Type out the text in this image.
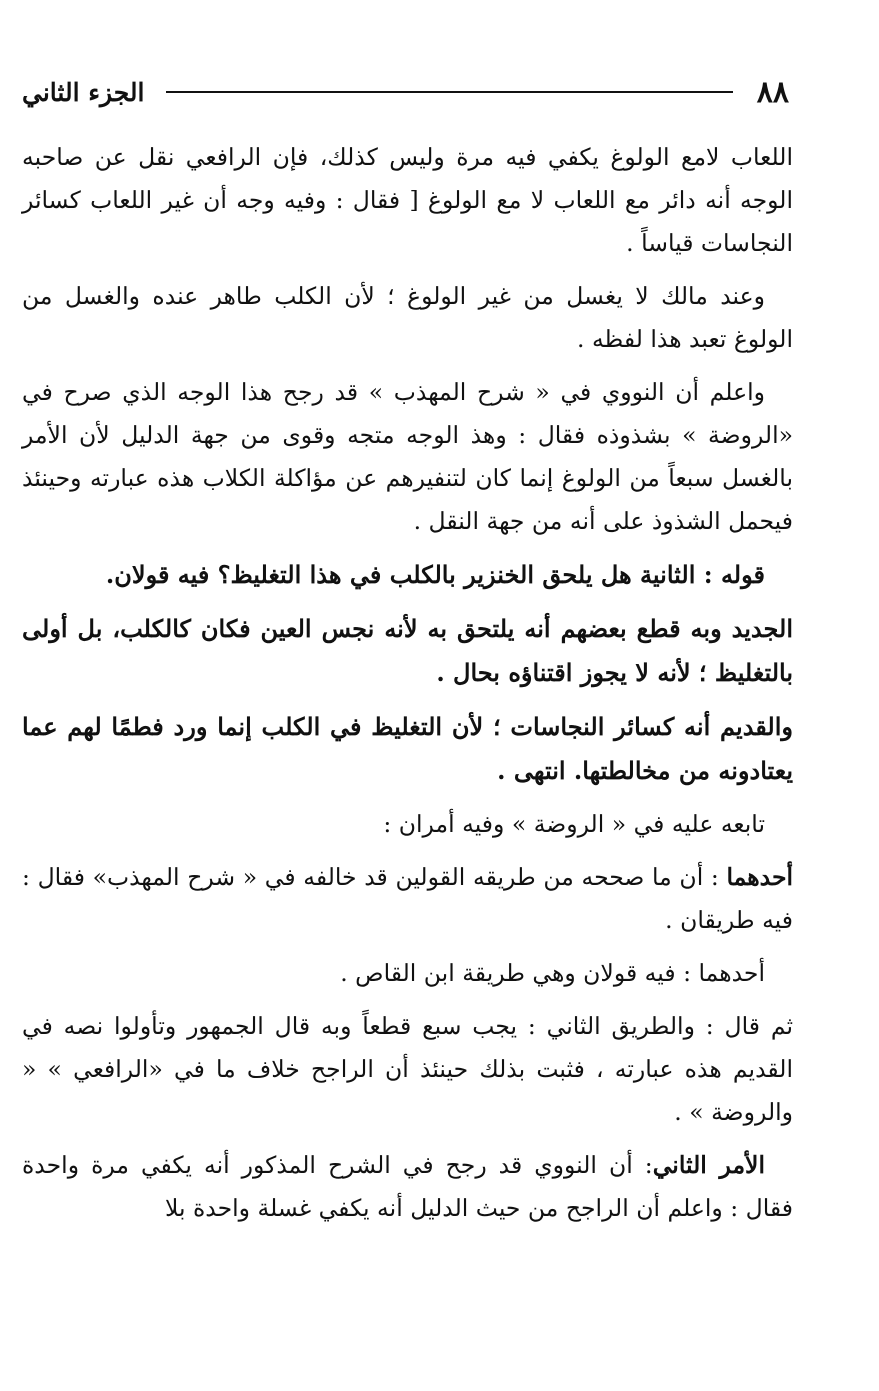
٨٨
الجزء الثاني

اللعاب لامع الولوغ يكفي فيه مرة وليس كذلك، فإن الرافعي نقل عن صاحبه الوجه أنه دائر مع اللعاب لا مع الولوغ [ فقال : وفيه وجه أن غير اللعاب كسائر النجاسات قياساً .

وعند مالك لا يغسل من غير الولوغ ؛ لأن الكلب طاهر عنده والغسل من الولوغ تعبد هذا لفظه .

واعلم أن النووي في « شرح المهذب » قد رجح هذا الوجه الذي صرح في «الروضة » بشذوذه فقال : وهذ الوجه متجه وقوى من جهة الدليل لأن الأمر بالغسل سبعاً من الولوغ إنما كان لتنفيرهم عن مؤاكلة الكلاب هذه عبارته وحينئذ فيحمل الشذوذ على أنه من جهة النقل .

قوله : الثانية هل يلحق الخنزير بالكلب في هذا التغليظ؟ فيه قولان.

الجديد وبه قطع بعضهم أنه يلتحق به لأنه نجس العين فكان كالكلب، بل أولى بالتغليظ ؛ لأنه لا يجوز اقتناؤه بحال .

والقديم أنه كسائر النجاسات ؛ لأن التغليظ في الكلب إنما ورد فطمًا لهم عما يعتادونه من مخالطتها. انتهى .

تابعه عليه في « الروضة » وفيه أمران :

أحدهما : أن ما صححه من طريقه القولين قد خالفه في « شرح المهذب» فقال : فيه طريقان .

أحدهما : فيه قولان وهي طريقة ابن القاص .

ثم قال : والطريق الثاني : يجب سبع قطعاً وبه قال الجمهور وتأولوا نصه في القديم هذه عبارته ، فثبت بذلك حينئذ أن الراجح خلاف ما في «الرافعي » « والروضة » .

الأمر الثاني: أن النووي قد رجح في الشرح المذكور أنه يكفي مرة واحدة فقال : واعلم أن الراجح من حيث الدليل أنه يكفي غسلة واحدة بلا
